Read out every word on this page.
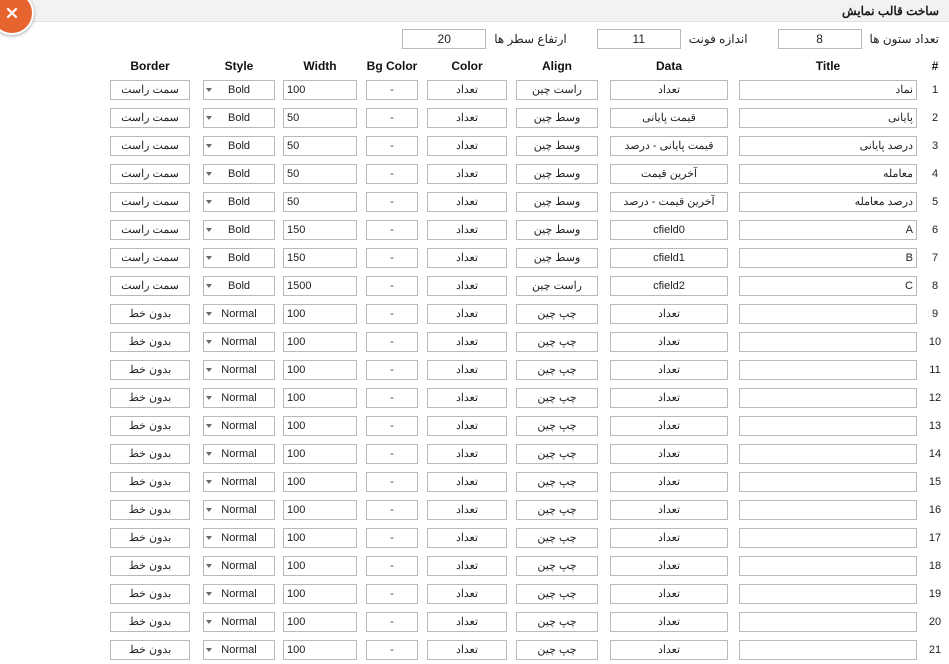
ساخت قالب نمایش
تعداد ستون ها
8
اندازه فونت
11
ارتفاع سطر ها
20
#	Title	Data	Align	Color	Bg Color	Width	Style	Border	
1	نماد	تعداد	راست چین	تعداد	-	100	Bold	سمت راست	

2	پایانی	قیمت پایانی	وسط چین	تعداد	-	50	Bold	سمت راست	

3	درصد پایانی	قیمت پایانی - درصد	وسط چین	تعداد	-	50	Bold	سمت راست	

4	معامله	آخرین قیمت	وسط چین	تعداد	-	50	Bold	سمت راست	

5	درصد معامله	آخرین قیمت - درصد	وسط چین	تعداد	-	50	Bold	سمت راست	

6	A	cfield0	وسط چین	تعداد	-	150	Bold	سمت راست	

7	B	cfield1	وسط چین	تعداد	-	150	Bold	سمت راست	

8	C	cfield2	راست چین	تعداد	-	1500	Bold	سمت راست	

9		تعداد	چپ چین	تعداد	-	100	Normal	بدون خط	

10		تعداد	چپ چین	تعداد	-	100	Normal	بدون خط	

11		تعداد	چپ چین	تعداد	-	100	Normal	بدون خط	

12		تعداد	چپ چین	تعداد	-	100	Normal	بدون خط	

13		تعداد	چپ چین	تعداد	-	100	Normal	بدون خط	

14		تعداد	چپ چین	تعداد	-	100	Normal	بدون خط	

15		تعداد	چپ چین	تعداد	-	100	Normal	بدون خط	

16		تعداد	چپ چین	تعداد	-	100	Normal	بدون خط	

17		تعداد	چپ چین	تعداد	-	100	Normal	بدون خط	

18		تعداد	چپ چین	تعداد	-	100	Normal	بدون خط	

19		تعداد	چپ چین	تعداد	-	100	Normal	بدون خط	

20		تعداد	چپ چین	تعداد	-	100	Normal	بدون خط	

21		تعداد	چپ چین	تعداد	-	100	Normal	بدون خط	
